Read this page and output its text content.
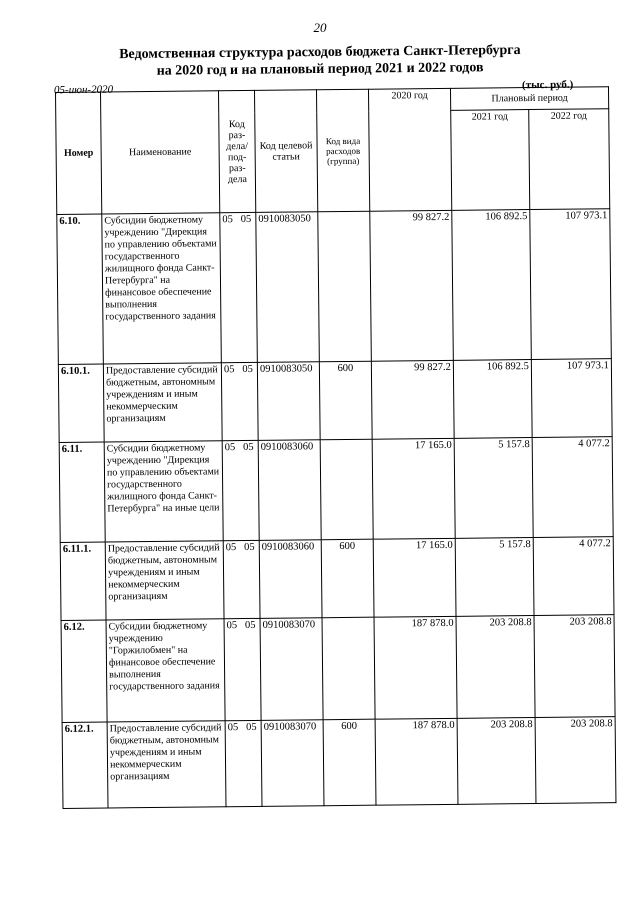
20
Ведомственная структура расходов бюджета Санкт-Петербурга
на 2020 год и на плановый период 2021 и 2022 годов
05-июн-2020	(тыс. руб.)
Номер	Наименование	Код раз-дела/ под-раз-дела	Код целевой статьи	Код вида расходов (группа)	2020 год	Плановый период	
						2021 год	2022 год
6.10.	Субсидии бюджетному учреждению "Дирекция по управлению объектами государственного жилищного фонда Санкт-Петербурга" на финансовое обеспечение выполнения государственного задания	05 05	0910083050		99 827.2	106 892.5	107 973.1
6.10.1.	Предоставление субсидий бюджетным, автономным учреждениям и иным некоммерческим организациям	05 05	0910083050	600	99 827.2	106 892.5	107 973.1
6.11.	Субсидии бюджетному учреждению "Дирекция по управлению объектами государственного жилищного фонда Санкт-Петербурга" на иные цели	05 05	0910083060		17 165.0	5 157.8	4 077.2
6.11.1.	Предоставление субсидий бюджетным, автономным учреждениям и иным некоммерческим организациям	05 05	0910083060	600	17 165.0	5 157.8	4 077.2
6.12.	Субсидии бюджетному учреждению "Горжилобмен" на финансовое обеспечение выполнения государственного задания	05 05	0910083070		187 878.0	203 208.8	203 208.8
6.12.1.	Предоставление субсидий бюджетным, автономным учреждениям и иным некоммерческим организациям	05 05	0910083070	600	187 878.0	203 208.8	203 208.8
